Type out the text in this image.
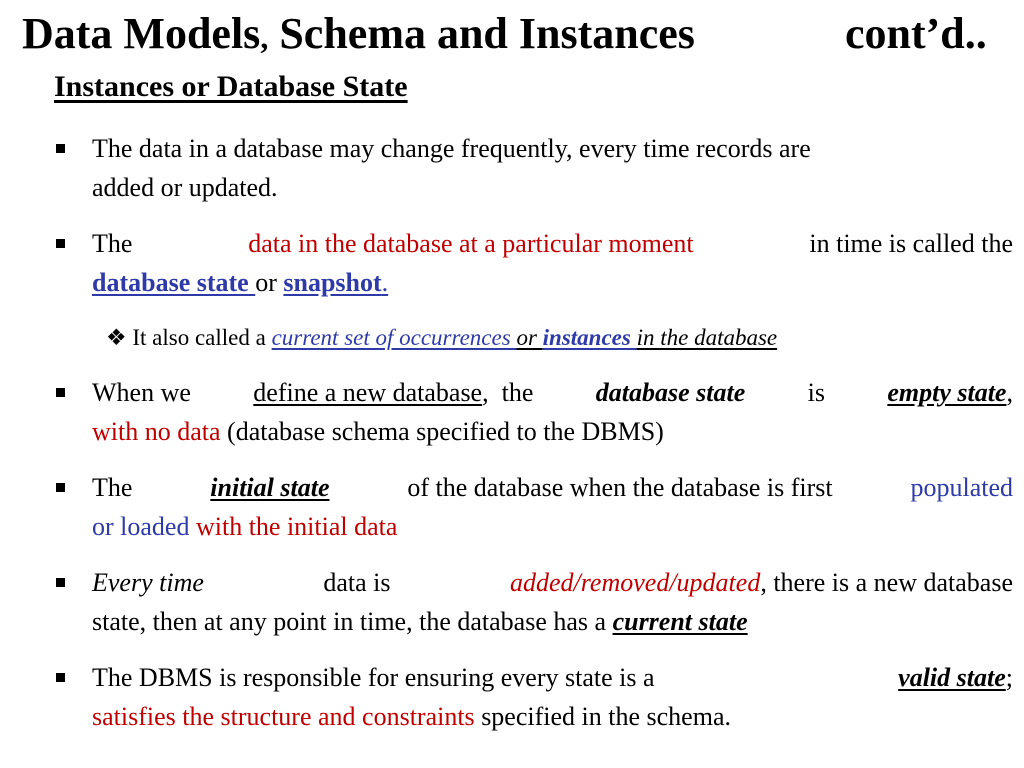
Data Models, Schema and Instances	cont’d..
Instances or Database State
The data in a database may change frequently, every time records are
added or updated.
The	data in the database at a particular moment	in time is called the
database state or snapshot.
❖ It also called a current set of occurrences or instances in the database
When we define a new database,  the database state is empty state,
with no data (database schema specified to the DBMS)
The	initial state	of the database when the database is first	populated
or loaded with the initial data
Every time	data is	added/removed/updated, there is a new database
state, then at any point in time, the database has a current state
The DBMS is responsible for ensuring every state is a	valid state;
satisfies the structure and constraints specified in the schema.
